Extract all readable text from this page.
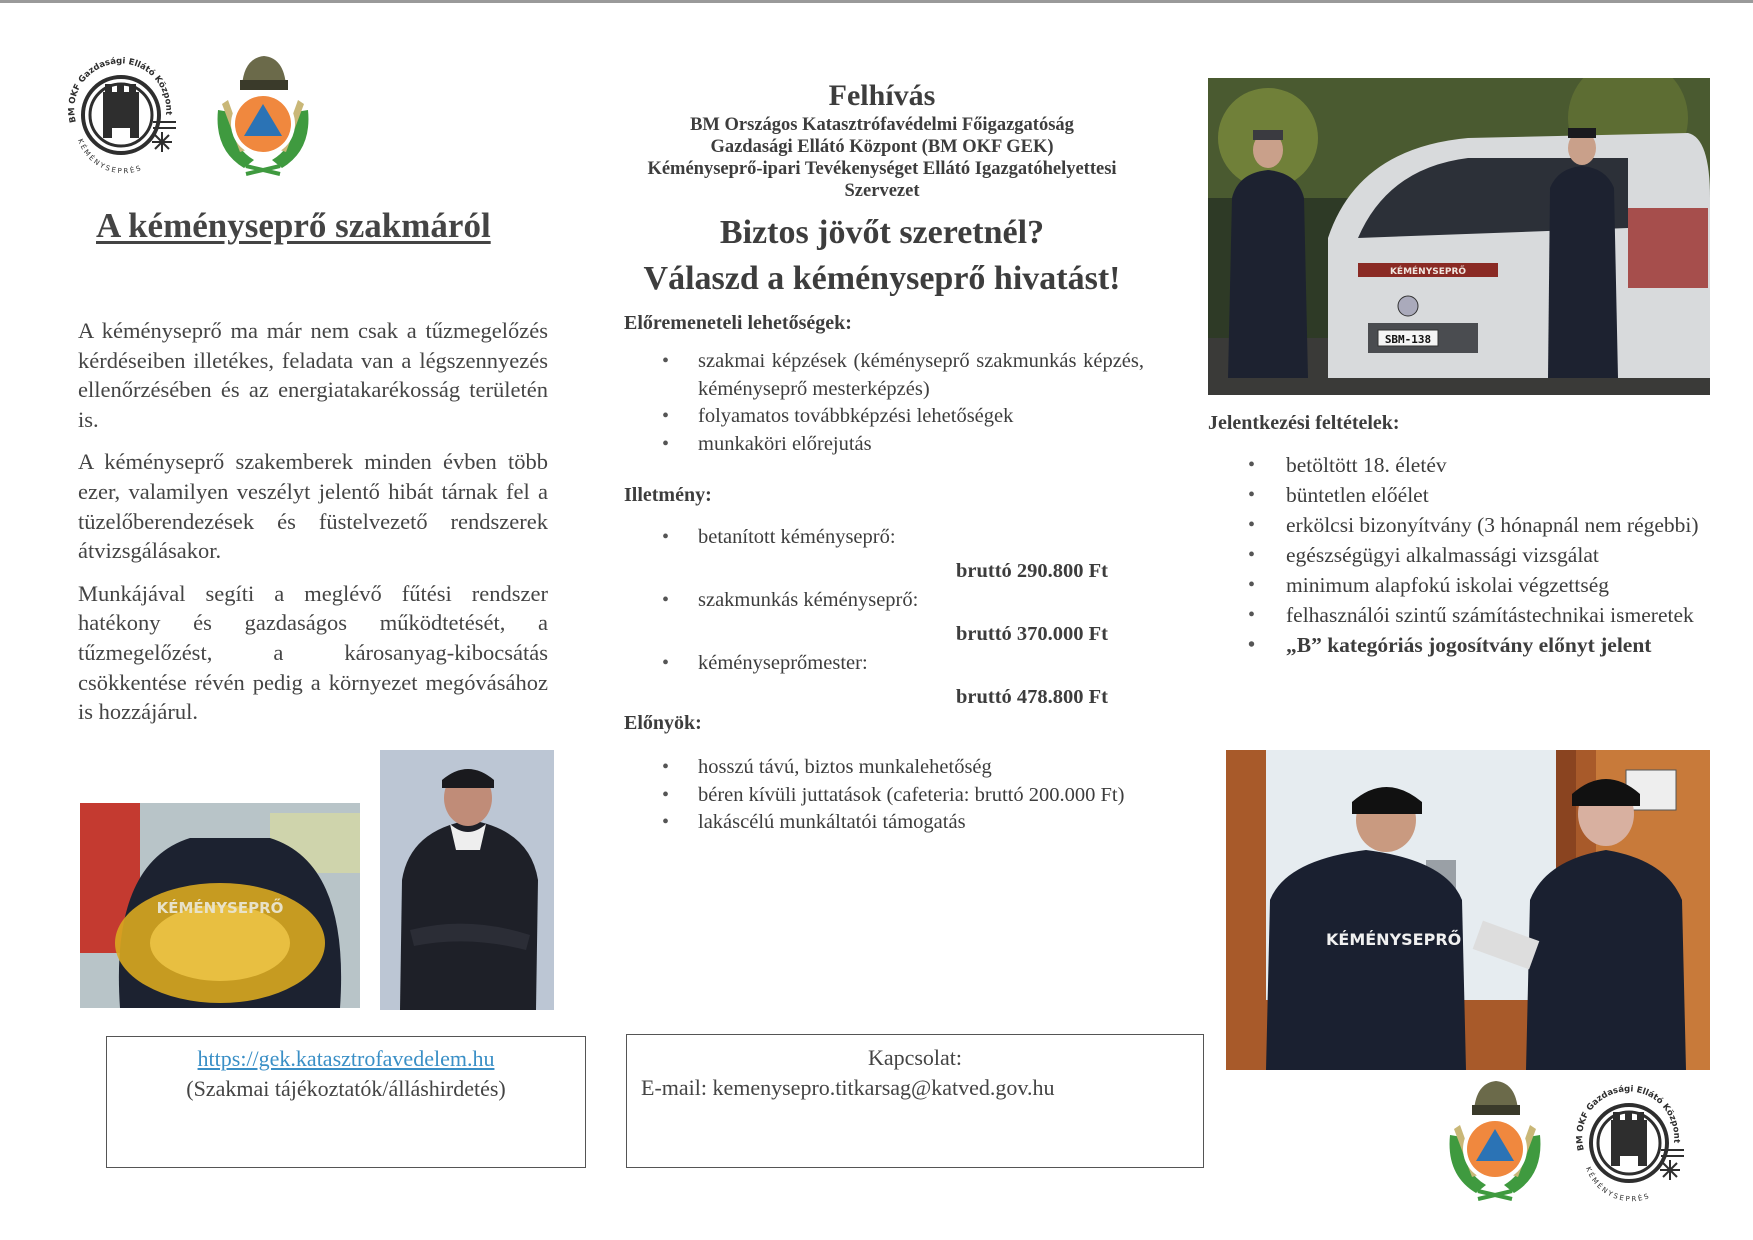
BM OKF Gazdasági Ellátó Központ
KÉMÉNYSEPRÉS
A kéményseprő szakmáról

A kéményseprő ma már nem csak a tűzmegelőzés kérdéseiben illetékes, feladata van a légszennyezés ellenőrzésében és az energiatakarékosság területén is.

A kéményseprő szakemberek minden évben több ezer, valamilyen veszélyt jelentő hibát tárnak fel a tüzelőberendezések és füstelvezető rendszerek átvizsgálásakor.

Munkájával segíti a meglévő fűtési rendszer hatékony és gazdaságos működtetését, a tűzmegelőzést, a károsanyag-kibocsátás csökkentése révén pedig a környezet megóvásához is hozzájárul.

KÉMÉNYSEPRŐ
https://gek.katasztrofavedelem.hu
(Szakmai tájékoztatók/álláshirdetés)
Felhívás
BM Országos Katasztrófavédelmi Főigazgatóság
Gazdasági Ellátó Központ (BM OKF GEK)
Kéményseprő-ipari Tevékenységet Ellátó Igazgatóhelyettesi
Szervezet
Biztos jövőt szeretnél?
Válaszd a kéményseprő hivatást!
Előremeneteli lehetőségek:
• szakmai képzések (kéményseprő szakmunkás képzés, kéményseprő mesterképzés)
• folyamatos továbbképzési lehetőségek
• munkaköri előrejutás
Illetmény:
• betanított kéményseprő:
bruttó 290.800 Ft
• szakmunkás kéményseprő:
bruttó 370.000 Ft
• kéményseprőmester:
bruttó 478.800 Ft
Előnyök:
• hosszú távú, biztos munkalehetőség
• béren kívüli juttatások (cafeteria: bruttó 200.000 Ft)
• lakáscélú munkáltatói támogatás
Kapcsolat:
E-mail: kemenysepro.titkarsag@katved.gov.hu
KÉMÉNYSEPRŐ
SBM-138
Jelentkezési feltételek:
• betöltött 18. életév
• büntetlen előélet
• erkölcsi bizonyítvány (3 hónapnál nem régebbi)
• egészségügyi alkalmassági vizsgálat
• minimum alapfokú iskolai végzettség
• felhasználói szintű számítástechnikai ismeretek
• „B” kategóriás jogosítvány előnyt jelent
KÉMÉNYSEPRŐ
BM OKF Gazdasági Ellátó Központ
KÉMÉNYSEPRÉS
